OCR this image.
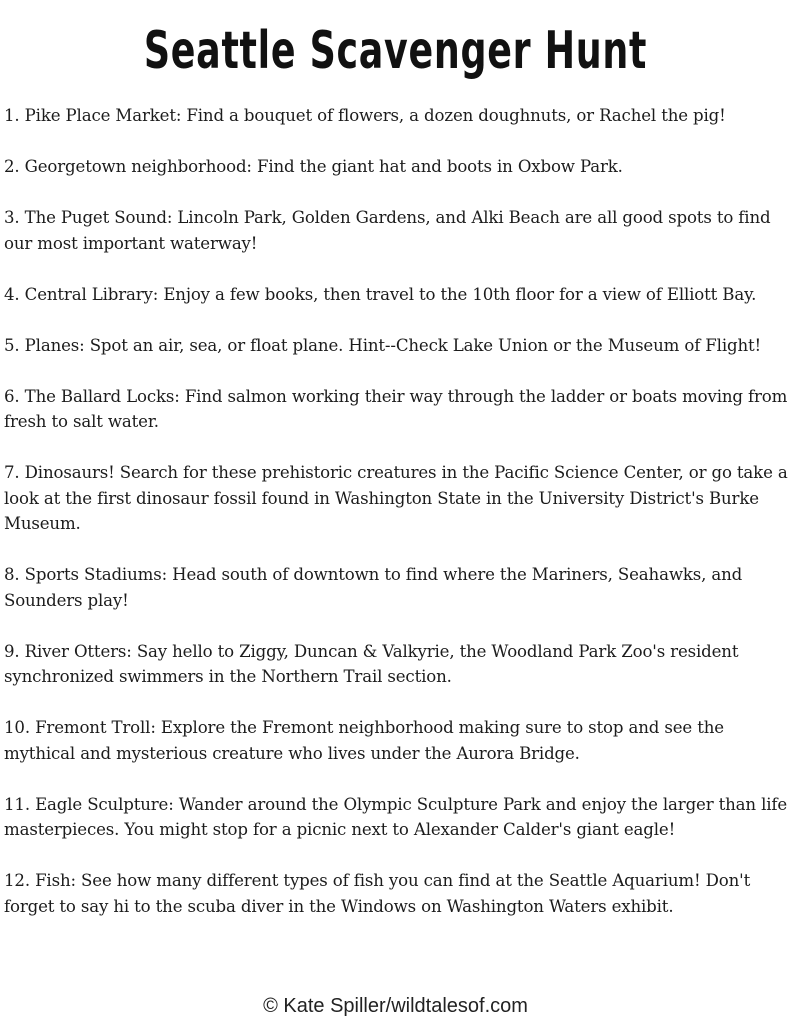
Seattle Scavenger Hunt
1. Pike Place Market: Find a bouquet of flowers, a dozen doughnuts, or Rachel the pig!
2. Georgetown neighborhood: Find the giant hat and boots in Oxbow Park.
3. The Puget Sound: Lincoln Park, Golden Gardens, and Alki Beach are all good spots to find our most important waterway!
4. Central Library: Enjoy a few books, then travel to the 10th floor for a view of Elliott Bay.
5. Planes: Spot an air, sea, or float plane. Hint--Check Lake Union or the Museum of Flight!
6. The Ballard Locks: Find salmon working their way through the ladder or boats moving from fresh to salt water.
7. Dinosaurs! Search for these prehistoric creatures in the Pacific Science Center, or go take a look at the first dinosaur fossil found in Washington State in the University District's Burke Museum.
8. Sports Stadiums: Head south of downtown to find where the Mariners, Seahawks, and Sounders play!
9. River Otters: Say hello to Ziggy, Duncan & Valkyrie, the Woodland Park Zoo's resident synchronized swimmers in the Northern Trail section.
10. Fremont Troll: Explore the Fremont neighborhood making sure to stop and see the mythical and mysterious creature who lives under the Aurora Bridge.
11. Eagle Sculpture: Wander around the Olympic Sculpture Park and enjoy the larger than life masterpieces. You might stop for a picnic next to Alexander Calder's giant eagle!
12. Fish: See how many different types of fish you can find at the Seattle Aquarium! Don't forget to say hi to the scuba diver in the Windows on Washington Waters exhibit.
© Kate Spiller/wildtalesof.com
